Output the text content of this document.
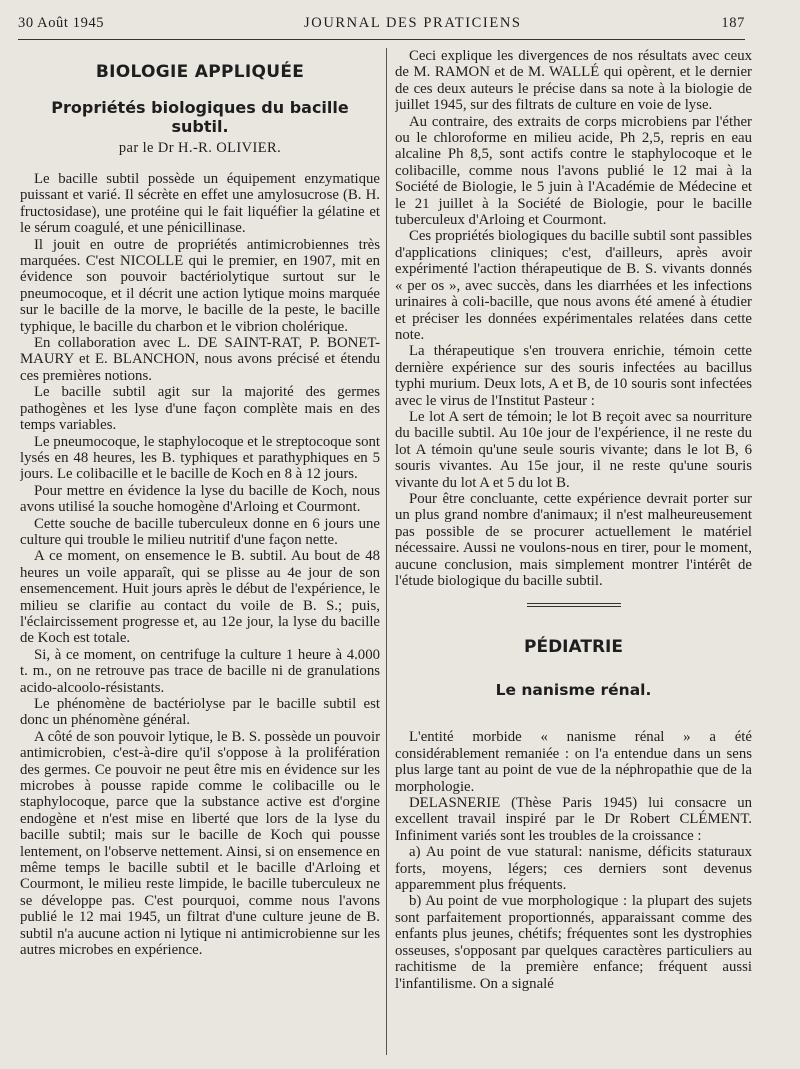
30 Août 1945	JOURNAL DES PRATICIENS	187
BIOLOGIE APPLIQUÉE
Propriétés biologiques du bacille subtil.
par le Dr H.-R. OLIVIER.

Le bacille subtil possède un équipement enzymatique puissant et varié. Il sécrète en effet une amylosucrose (B. H. fructosidase), une protéine qui le fait liquéfier la gélatine et le sérum coagulé, et une pénicillinase.

Il jouit en outre de propriétés antimicrobiennes très marquées. C'est NICOLLE qui le premier, en 1907, mit en évidence son pouvoir bactériolytique surtout sur le pneumocoque, et il décrit une action lytique moins marquée sur le bacille de la morve, le bacille de la peste, le bacille typhique, le bacille du charbon et le vibrion cholérique.

En collaboration avec L. DE SAINT-RAT, P. BONET-MAURY et E. BLANCHON, nous avons précisé et étendu ces premières notions.

Le bacille subtil agit sur la majorité des germes pathogènes et les lyse d'une façon complète mais en des temps variables.

Le pneumocoque, le staphylocoque et le streptocoque sont lysés en 48 heures, les B. typhiques et parathyphiques en 5 jours. Le colibacille et le bacille de Koch en 8 à 12 jours.

Pour mettre en évidence la lyse du bacille de Koch, nous avons utilisé la souche homogène d'Arloing et Courmont.

Cette souche de bacille tuberculeux donne en 6 jours une culture qui trouble le milieu nutritif d'une façon nette.

A ce moment, on ensemence le B. subtil. Au bout de 48 heures un voile apparaît, qui se plisse au 4e jour de son ensemencement. Huit jours après le début de l'expérience, le milieu se clarifie au contact du voile de B. S.; puis, l'éclaircissement progresse et, au 12e jour, la lyse du bacille de Koch est totale.

Si, à ce moment, on centrifuge la culture 1 heure à 4.000 t. m., on ne retrouve pas trace de bacille ni de granulations acido-alcoolo-résistants.

Le phénomène de bactériolyse par le bacille subtil est donc un phénomène général.

A côté de son pouvoir lytique, le B. S. possède un pouvoir antimicrobien, c'est-à-dire qu'il s'oppose à la prolifération des germes. Ce pouvoir ne peut être mis en évidence sur les microbes à pousse rapide comme le colibacille ou le staphylocoque, parce que la substance active est d'orgine endogène et n'est mise en liberté que lors de la lyse du bacille subtil; mais sur le bacille de Koch qui pousse lentement, on l'observe nettement. Ainsi, si on ensemence en même temps le bacille subtil et le bacille d'Arloing et Courmont, le milieu reste limpide, le bacille tuberculeux ne se développe pas. C'est pourquoi, comme nous l'avons publié le 12 mai 1945, un filtrat d'une culture jeune de B. subtil n'a aucune action ni lytique ni antimicrobienne sur les autres microbes en expérience.

Ceci explique les divergences de nos résultats avec ceux de M. RAMON et de M. WALLÉ qui opèrent, et le dernier de ces deux auteurs le précise dans sa note à la biologie de juillet 1945, sur des filtrats de culture en voie de lyse.

Au contraire, des extraits de corps microbiens par l'éther ou le chloroforme en milieu acide, Ph 2,5, repris en eau alcaline Ph 8,5, sont actifs contre le staphylocoque et le colibacille, comme nous l'avons publié le 12 mai à la Société de Biologie, le 5 juin à l'Académie de Médecine et le 21 juillet à la Société de Biologie, pour le bacille tuberculeux d'Arloing et Courmont.

Ces propriétés biologiques du bacille subtil sont passibles d'applications cliniques; c'est, d'ailleurs, après avoir expérimenté l'action thérapeutique de B. S. vivants donnés « per os », avec succès, dans les diarrhées et les infections urinaires à coli-bacille, que nous avons été amené à étudier et préciser les données expérimentales relatées dans cette note.

La thérapeutique s'en trouvera enrichie, témoin cette dernière expérience sur des souris infectées au bacillus typhi murium. Deux lots, A et B, de 10 souris sont infectées avec le virus de l'Institut Pasteur :

Le lot A sert de témoin; le lot B reçoit avec sa nourriture du bacille subtil. Au 10e jour de l'expérience, il ne reste du lot A témoin qu'une seule souris vivante; dans le lot B, 6 souris vivantes. Au 15e jour, il ne reste qu'une souris vivante du lot A et 5 du lot B.

Pour être concluante, cette expérience devrait porter sur un plus grand nombre d'animaux; il n'est malheureusement pas possible de se procurer actuellement le matériel nécessaire. Aussi ne voulons-nous en tirer, pour le moment, aucune conclusion, mais simplement montrer l'intérêt de l'étude biologique du bacille subtil.

PÉDIATRIE
Le nanisme rénal.

L'entité morbide « nanisme rénal » a été considérablement remaniée : on l'a entendue dans un sens plus large tant au point de vue de la néphropathie que de la morphologie.

DELASNERIE (Thèse Paris 1945) lui consacre un excellent travail inspiré par le Dr Robert CLÉMENT. Infiniment variés sont les troubles de la croissance :

a) Au point de vue statural: nanisme, déficits staturaux forts, moyens, légers; ces derniers sont devenus apparemment plus fréquents.

b) Au point de vue morphologique : la plupart des sujets sont parfaitement proportionnés, apparaissant comme des enfants plus jeunes, chétifs; fréquentes sont les dystrophies osseuses, s'opposant par quelques caractères particuliers au rachitisme de la première enfance; fréquent aussi l'infantilisme. On a signalé
